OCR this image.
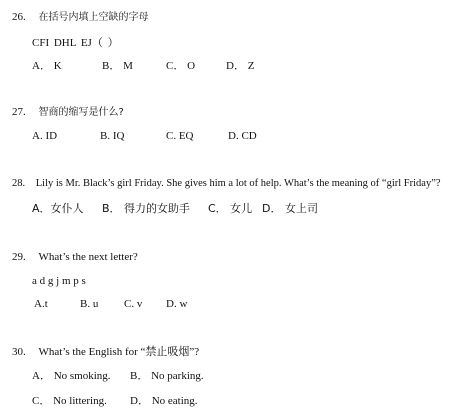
26. 在括号内填上空缺的字母
CFI DHL EJ（ ）
A． K	B． M	C． O	D． Z
27. 智商的缩写是什么?
A. ID	B. IQ	C. EQ	D. CD
28. Lily is Mr. Black’s girl Friday. She gives him a lot of help. What’s the meaning of “girl Friday”?
A．女仆人 B． 得力的女助手 C． 女儿 D． 女上司
29. What’s the next letter?
a d g j m p s
A.t	B. u C. v D. w
30. What’s the English for “禁止吸烟”?
A． No smoking. B． No parking.
C． No littering. D． No eating.
